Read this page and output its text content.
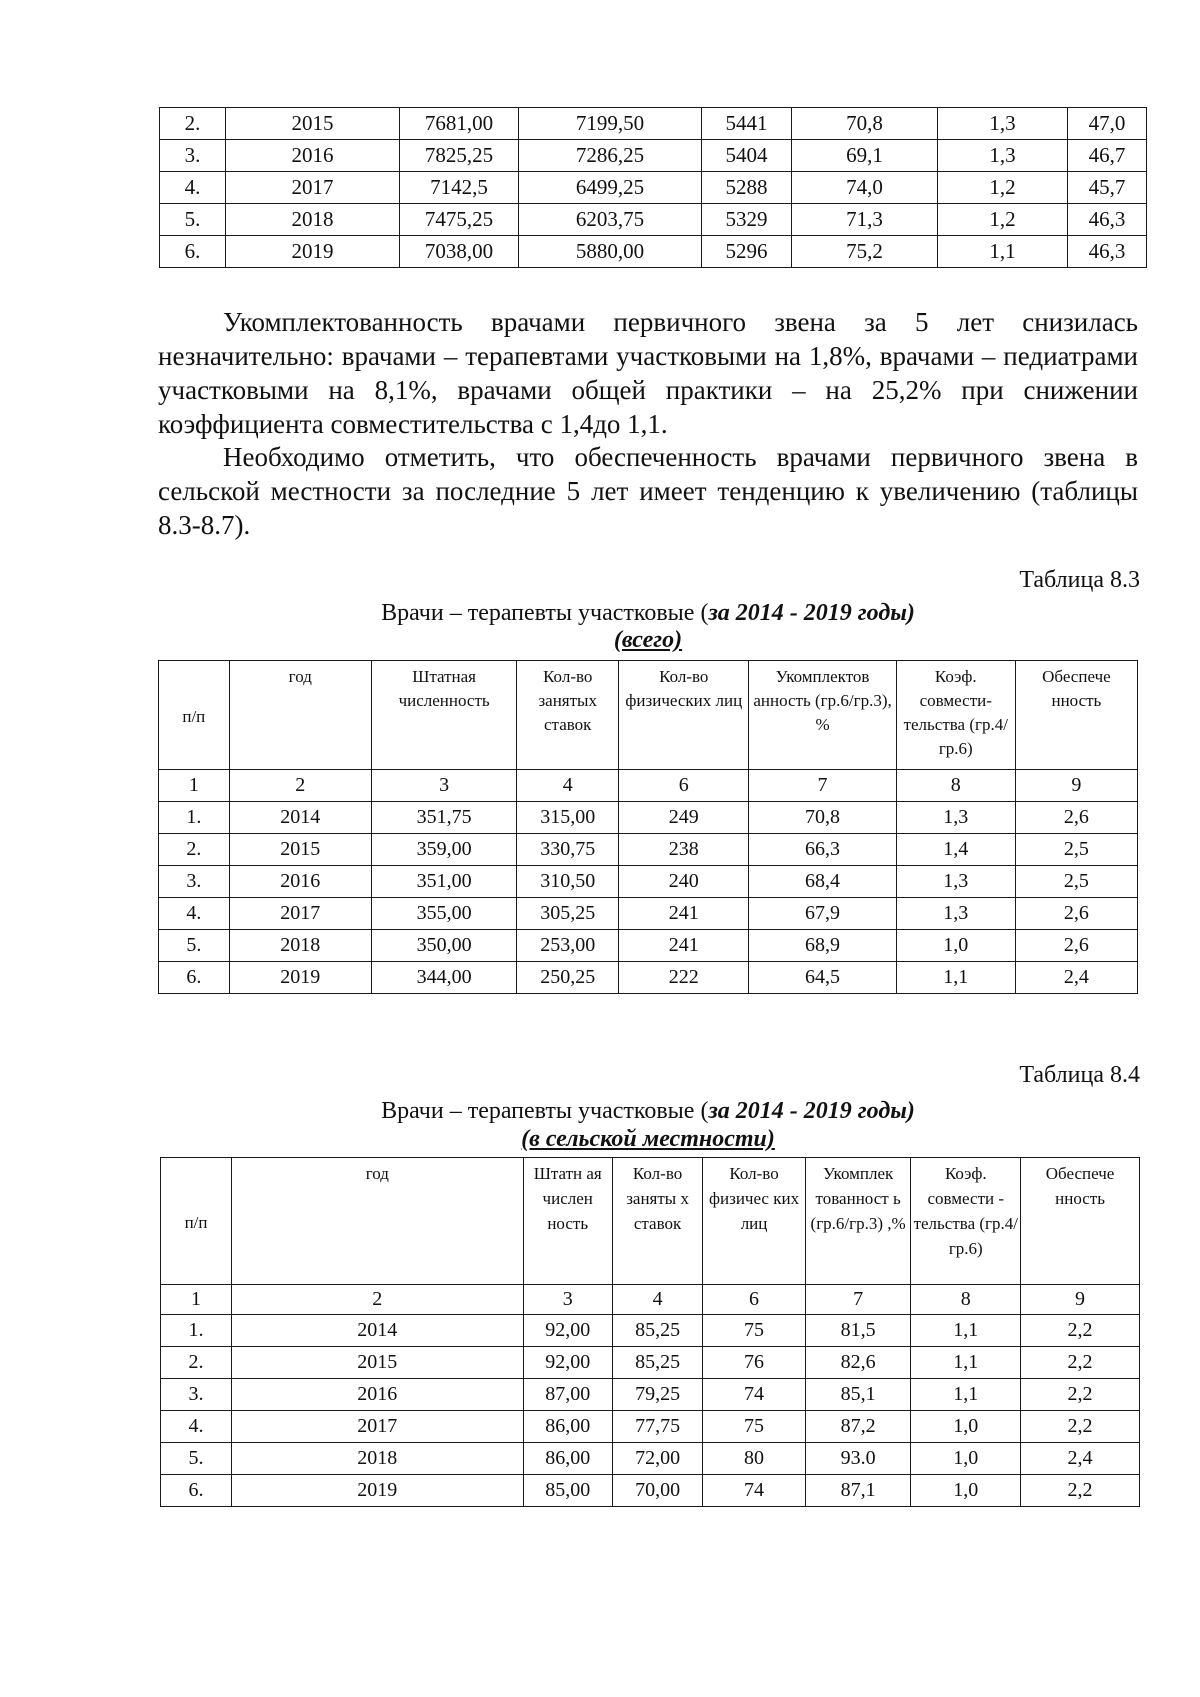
2.	2015	7681,00	7199,50	5441	70,8	1,3	47,0
3.	2016	7825,25	7286,25	5404	69,1	1,3	46,7
4.	2017	7142,5	6499,25	5288	74,0	1,2	45,7
5.	2018	7475,25	6203,75	5329	71,3	1,2	46,3
6.	2019	7038,00	5880,00	5296	75,2	1,1	46,3

Укомплектованность врачами первичного звена за 5 лет снизилась незначительно: врачами – терапевтами участковыми на 1,8%, врачами – педиатрами участковыми на 8,1%, врачами общей практики – на 25,2% при снижении коэффициента совместительства с 1,4до 1,1.

Необходимо отметить, что обеспеченность врачами первичного звена в сельской местности за последние 5 лет имеет тенденцию к увеличению (таблицы 8.3-8.7).

Таблица 8.3
Врачи – терапевты участковые (за 2014 - 2019 годы)
(всего)
п/п	год	Штатная численность	Кол-во занятых ставок	Кол-во физических лиц	Укомплектов анность (гр.6/гр.3), %	Коэф. совмести-тельства (гр.4/гр.6)	Обеспече нность
1	2	3	4	6	7	8	9
1.	2014	351,75	315,00	249	70,8	1,3	2,6
2.	2015	359,00	330,75	238	66,3	1,4	2,5
3.	2016	351,00	310,50	240	68,4	1,3	2,5
4.	2017	355,00	305,25	241	67,9	1,3	2,6
5.	2018	350,00	253,00	241	68,9	1,0	2,6
6.	2019	344,00	250,25	222	64,5	1,1	2,4
Таблица 8.4
Врачи – терапевты участковые (за 2014 - 2019 годы)
(в сельской местности)
п/п	год	Штатн ая числен ность	Кол-во заняты х ставок	Кол-во физичес ких лиц	Укомплек тованност ь (гр.6/гр.3) ,%	Коэф. совмести - тельства (гр.4/гр.6)	Обеспече нность
1	2	3	4	6	7	8	9
1.	2014	92,00	85,25	75	81,5	1,1	2,2
2.	2015	92,00	85,25	76	82,6	1,1	2,2
3.	2016	87,00	79,25	74	85,1	1,1	2,2
4.	2017	86,00	77,75	75	87,2	1,0	2,2
5.	2018	86,00	72,00	80	93.0	1,0	2,4
6.	2019	85,00	70,00	74	87,1	1,0	2,2
